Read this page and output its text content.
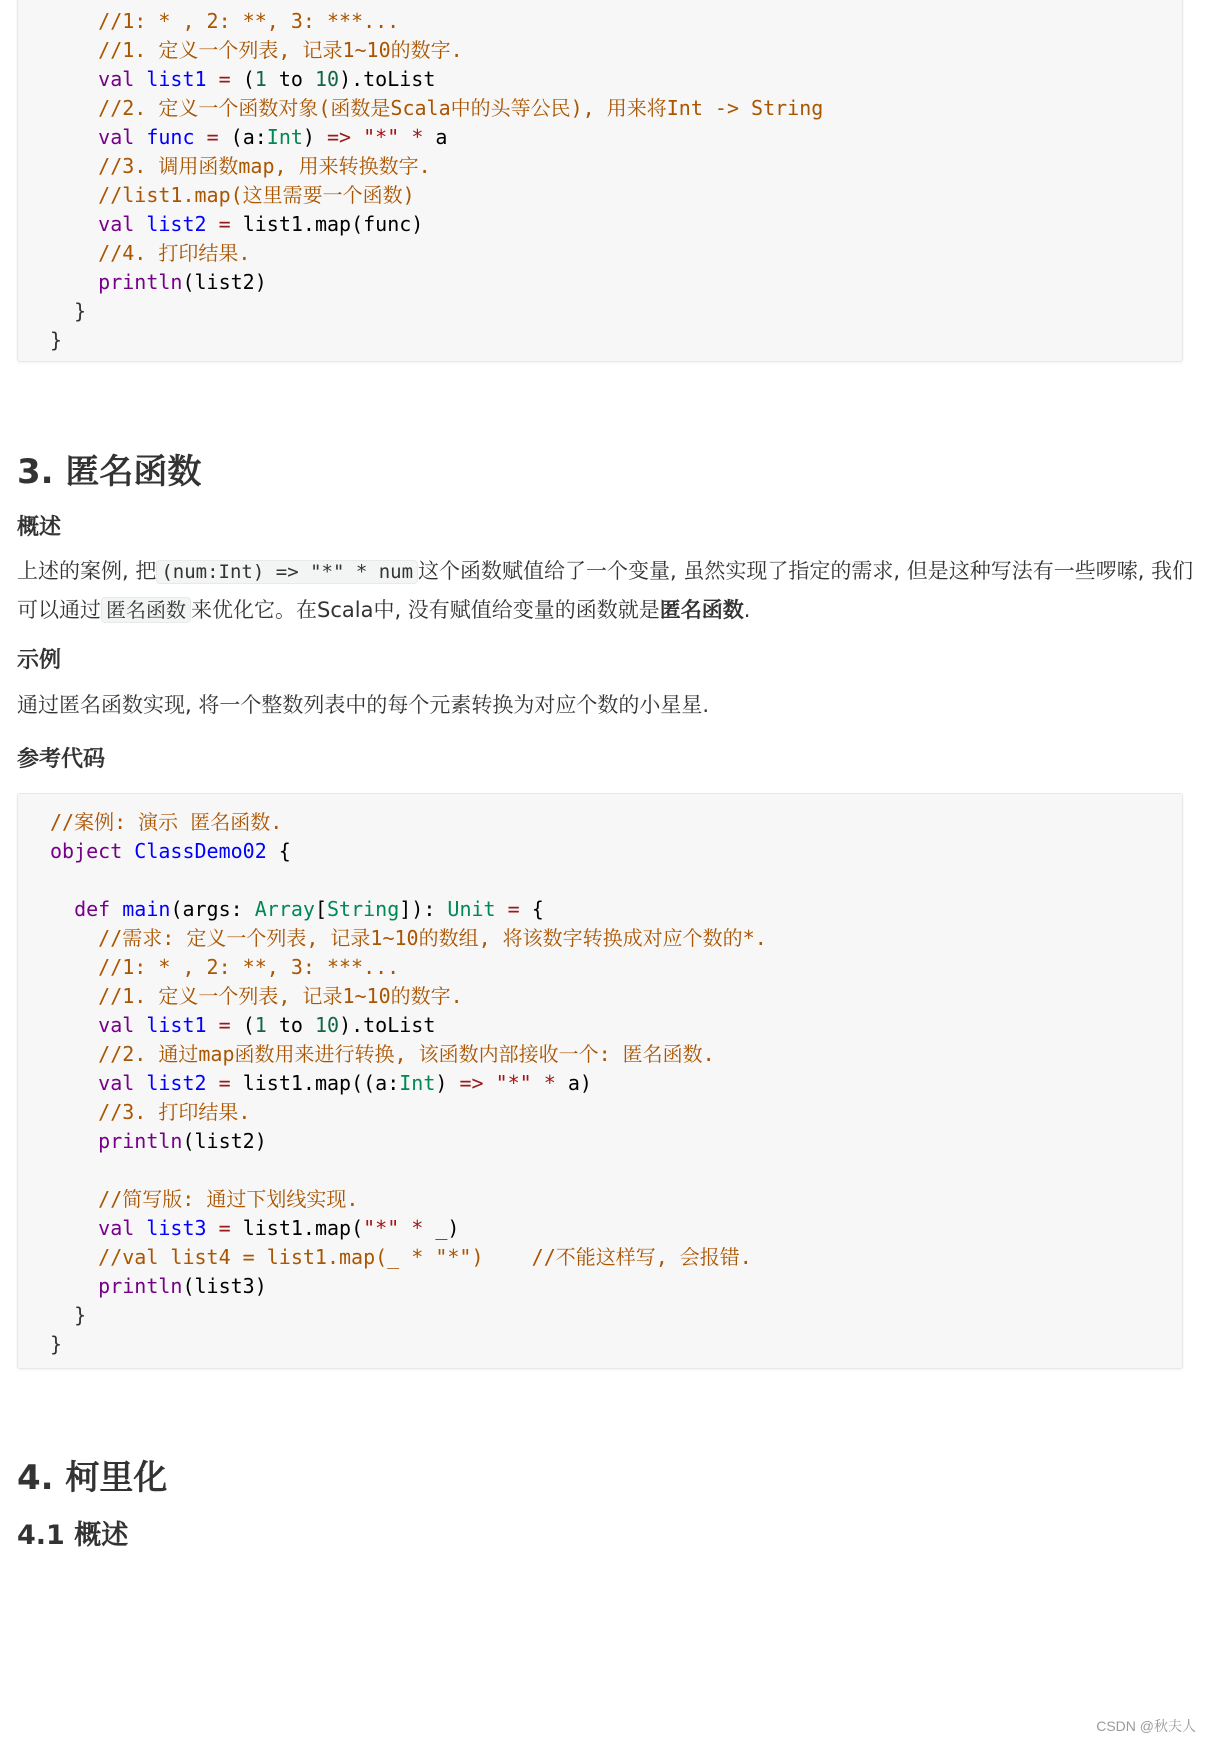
//1: * , 2: **, 3: ***...
//1. 定义一个列表, 记录1~10的数字.
val list1 = (1 to 10).toList
//2. 定义一个函数对象(函数是Scala中的头等公民), 用来将Int -> String
val func = (a:Int) => "*" * a
//3. 调用函数map, 用来转换数字.
//list1.map(这里需要一个函数)
val list2 = list1.map(func)
//4. 打印结果.
println(list2)
}
}
3. 匿名函数
概述
上述的案例, 把 (num:Int) => "*" * num 这个函数赋值给了一个变量, 虽然实现了指定的需求, 但是这种写法有一些啰嗦, 我们可以通过 匿名函数 来优化它。在Scala中, 没有赋值给变量的函数就是匿名函数.
示例
通过匿名函数实现, 将一个整数列表中的每个元素转换为对应个数的小星星.
参考代码
//案例: 演示 匿名函数.
object ClassDemo02 {
def main(args: Array[String]): Unit = {
//需求: 定义一个列表, 记录1~10的数组, 将该数字转换成对应个数的*.
//1: * , 2: **, 3: ***...
//1. 定义一个列表, 记录1~10的数字.
val list1 = (1 to 10).toList
//2. 通过map函数用来进行转换, 该函数内部接收一个: 匿名函数.
val list2 = list1.map((a:Int) => "*" * a)
//3. 打印结果.
println(list2)
//简写版: 通过下划线实现.
val list3 = list1.map("*" * _)
//val list4 = list1.map(_ * "*")    //不能这样写, 会报错.
println(list3)
}
}
4. 柯里化
4.1 概述
CSDN @秋夫人
